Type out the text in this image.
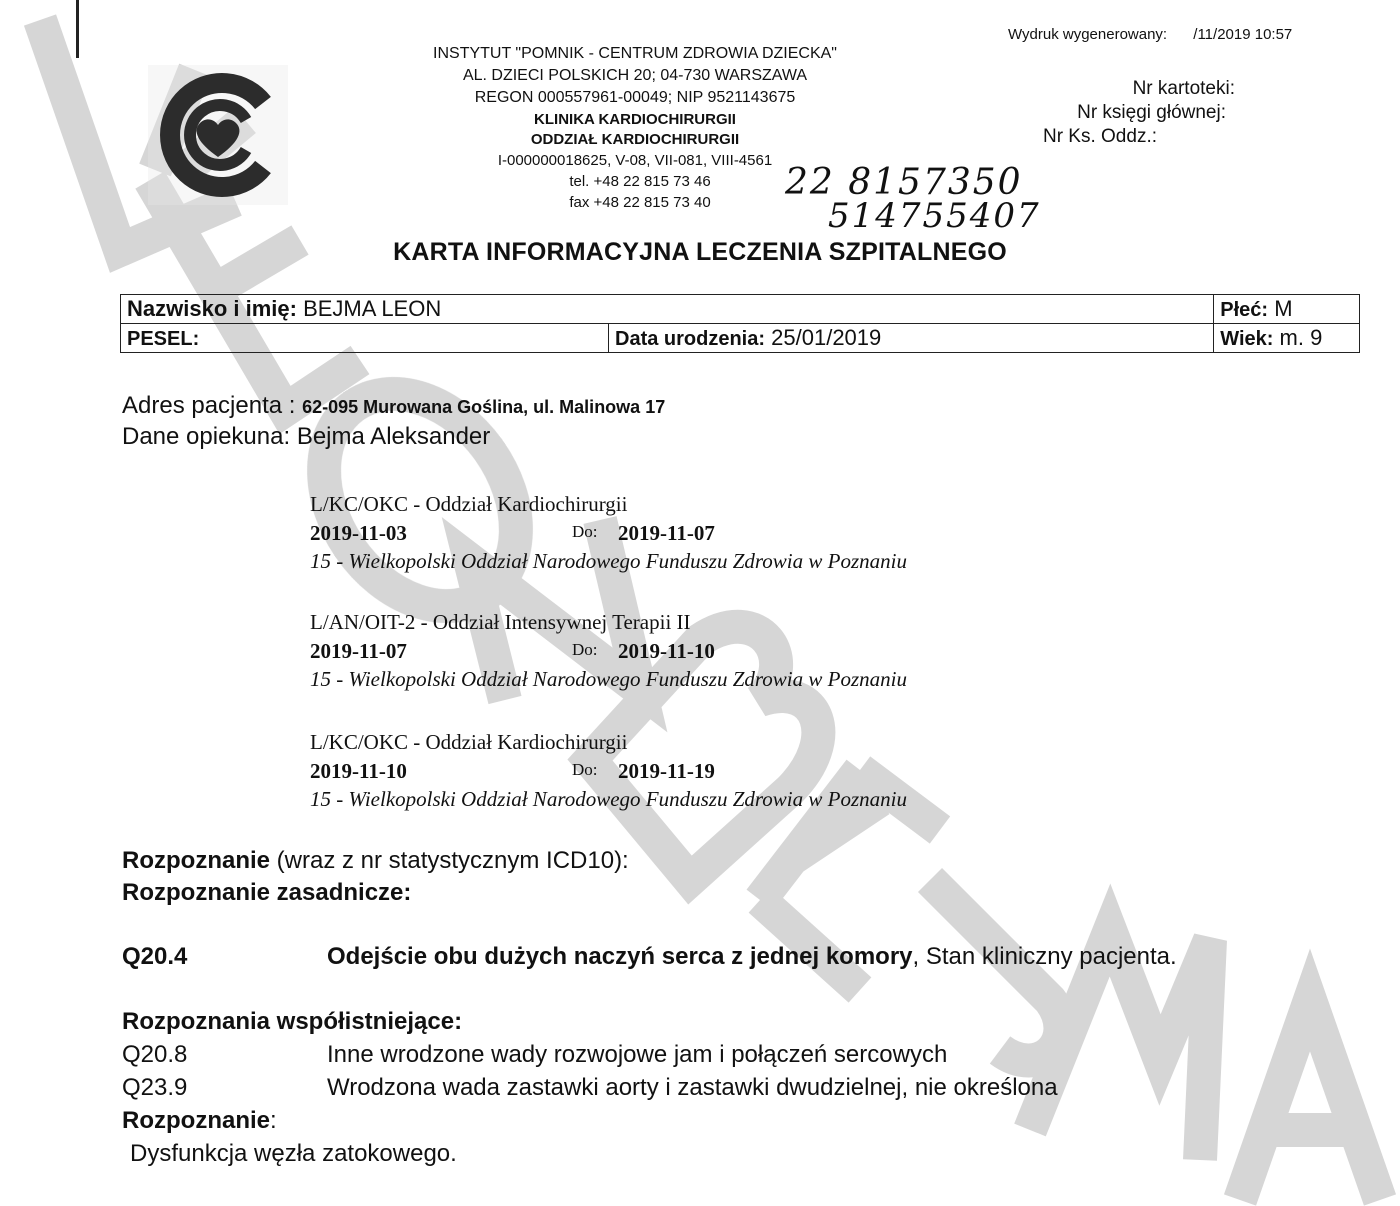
Wydruk wygenerowany: /11/2019 10:57
INSTYTUT "POMNIK - CENTRUM ZDROWIA DZIECKA"
AL. DZIECI POLSKICH 20; 04-730 WARSZAWA
REGON 000557961-00049; NIP 9521143675
KLINIKA KARDIOCHIRURGII
ODDZIAŁ KARDIOCHIRURGII
I-000000018625, V-08, VII-081, VIII-4561
tel. +48 22 815 73 46
fax +48 22 815 73 40
Nr kartoteki:
Nr księgi głównej:
Nr Ks. Oddz.:
22 8157350
514755407
KARTA INFORMACYJNA LECZENIA SZPITALNEGO
Nazwisko i imię: BEJMA LEON		Płeć: M
PESEL:	Data urodzenia: 25/01/2019	Wiek: m. 9
Adres pacjenta : 62-095 Murowana Goślina, ul. Malinowa 17
Dane opiekuna: Bejma Aleksander
L/KC/OKC - Oddział Kardiochirurgii
2019-11-03	Do: 2019-11-07
15 - Wielkopolski Oddział Narodowego Funduszu Zdrowia w Poznaniu
L/AN/OIT-2 - Oddział Intensywnej Terapii II
2019-11-07	Do: 2019-11-10
15 - Wielkopolski Oddział Narodowego Funduszu Zdrowia w Poznaniu
L/KC/OKC - Oddział Kardiochirurgii
2019-11-10	Do: 2019-11-19
15 - Wielkopolski Oddział Narodowego Funduszu Zdrowia w Poznaniu
Rozpoznanie (wraz z nr statystycznym ICD10):
Rozpoznanie zasadnicze:
Q20.4	Odejście obu dużych naczyń serca z jednej komory, Stan kliniczny pacjenta.
Rozpoznania współistniejące:
Q20.8	Inne wrodzone wady rozwojowe jam i połączeń sercowych
Q23.9	Wrodzona wada zastawki aorty i zastawki dwudzielnej, nie określona
Rozpoznanie:
Dysfunkcja węzła zatokowego.
